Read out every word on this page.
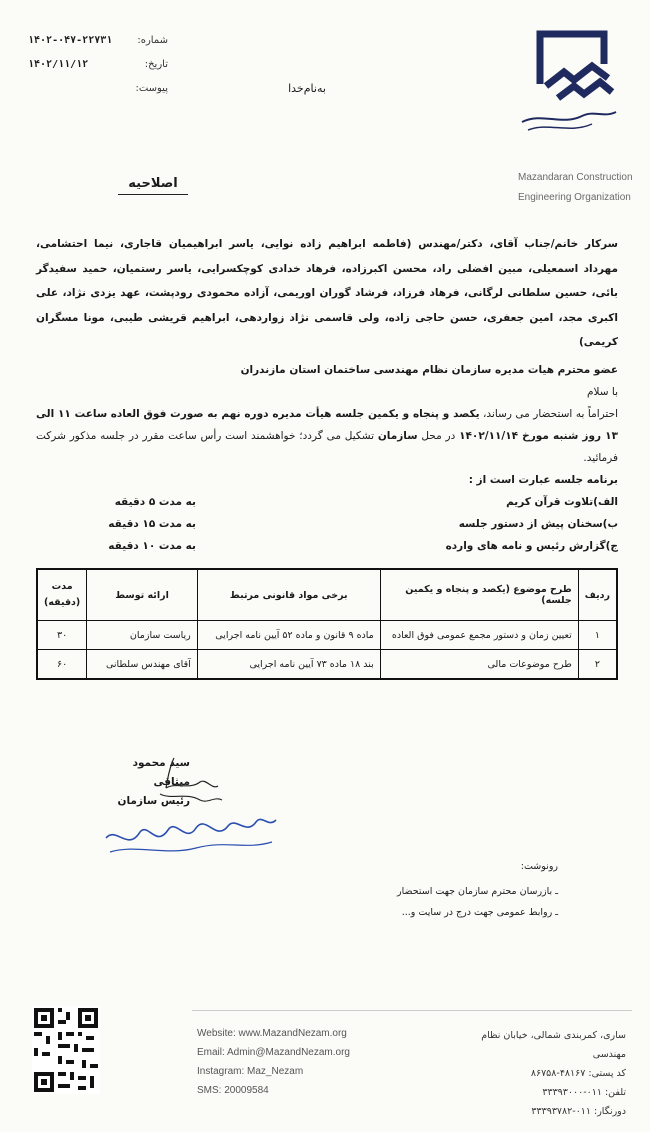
شماره:
۱۴۰۲-۰۴۷-۲۲۷۳۱
تاریخ:
۱۴۰۲/۱۱/۱۲
پیوست:	به‌نام‌خدا
Mazandaran Construction
Engineering Organization
اصلاحیه
سرکار خانم/جناب آقای، دکتر/مهندس (فاطمه ابراهیم زاده نوایی، یاسر ابراهیمیان قاجاری، نیما احتشامی، مهرداد اسمعیلی، مبین افضلی راد، محسن اکبرزاده، فرهاد خدادی کوچکسرایی، یاسر رستمیان، حمید سفیدگر بائی، حسین سلطانی لرگانی، فرهاد فرزاد، فرشاد گوران اوریمی، آزاده محمودی رودپشت، عهد یزدی نژاد، علی اکبری مجد، امین جعفری، حسن حاجی زاده، ولی قاسمی نژاد زواردهی، ابراهیم قریشی طیبی، مونا مسگران کریمی)
عضو محترم هیات مدیره سازمان نظام مهندسی ساختمان استان مازندران
با سلام
احتراماً به استحضار می رساند، یکصد و پنجاه و یکمین جلسه هیأت مدیره دوره نهم به صورت فوق العاده ساعت ۱۱ الی ۱۳ روز شنبه مورخ ۱۴۰۲/۱۱/۱۴ در محل سازمان تشکیل می گردد؛ خواهشمند است رأس ساعت مقرر در جلسه مذکور شرکت فرمائید.
برنامه جلسه عبارت است از :
الف)تلاوت قرآن کریم
به مدت ۵ دقیقه
ب)سخنان پیش از دستور جلسه
به مدت ۱۵ دقیقه
ج)گزارش رئیس و نامه های وارده
به مدت ۱۰ دقیقه
ردیف	طرح موضوع (یکصد و پنجاه و یکمین جلسه)	برخی مواد قانونی مرتبط	ارائه توسط	مدت
(دقیقه)

۱	تعیین زمان و دستور مجمع عمومی فوق العاده	ماده ۹ قانون و ماده ۵۲ آیین نامه اجرایی	ریاست سازمان	۳۰
۲	طرح موضوعات مالی	بند ۱۸ ماده ۷۳ آیین نامه اجرایی	آقای مهندس سلطانی	۶۰
سید محمود میثاقی
رئیس سازمان
رونوشت:
ـ بازرسان محترم سازمان جهت استحضار
ـ روابط عمومی جهت درج در سایت و...
Website: www.MazandNezam.org
Email: Admin@MazandNezam.org
Instagram: Maz_Nezam
SMS: 20009584
ساری، کمربندی شمالی، خیابان نظام مهندسی
کد پستی: ۴۸۱۶۷-۸۶۷۵۸
تلفن: ۰۱۱-۳۳۳۹۳۰۰۰
دورنگار: ۰۱۱-۳۳۳۹۳۷۸۲
